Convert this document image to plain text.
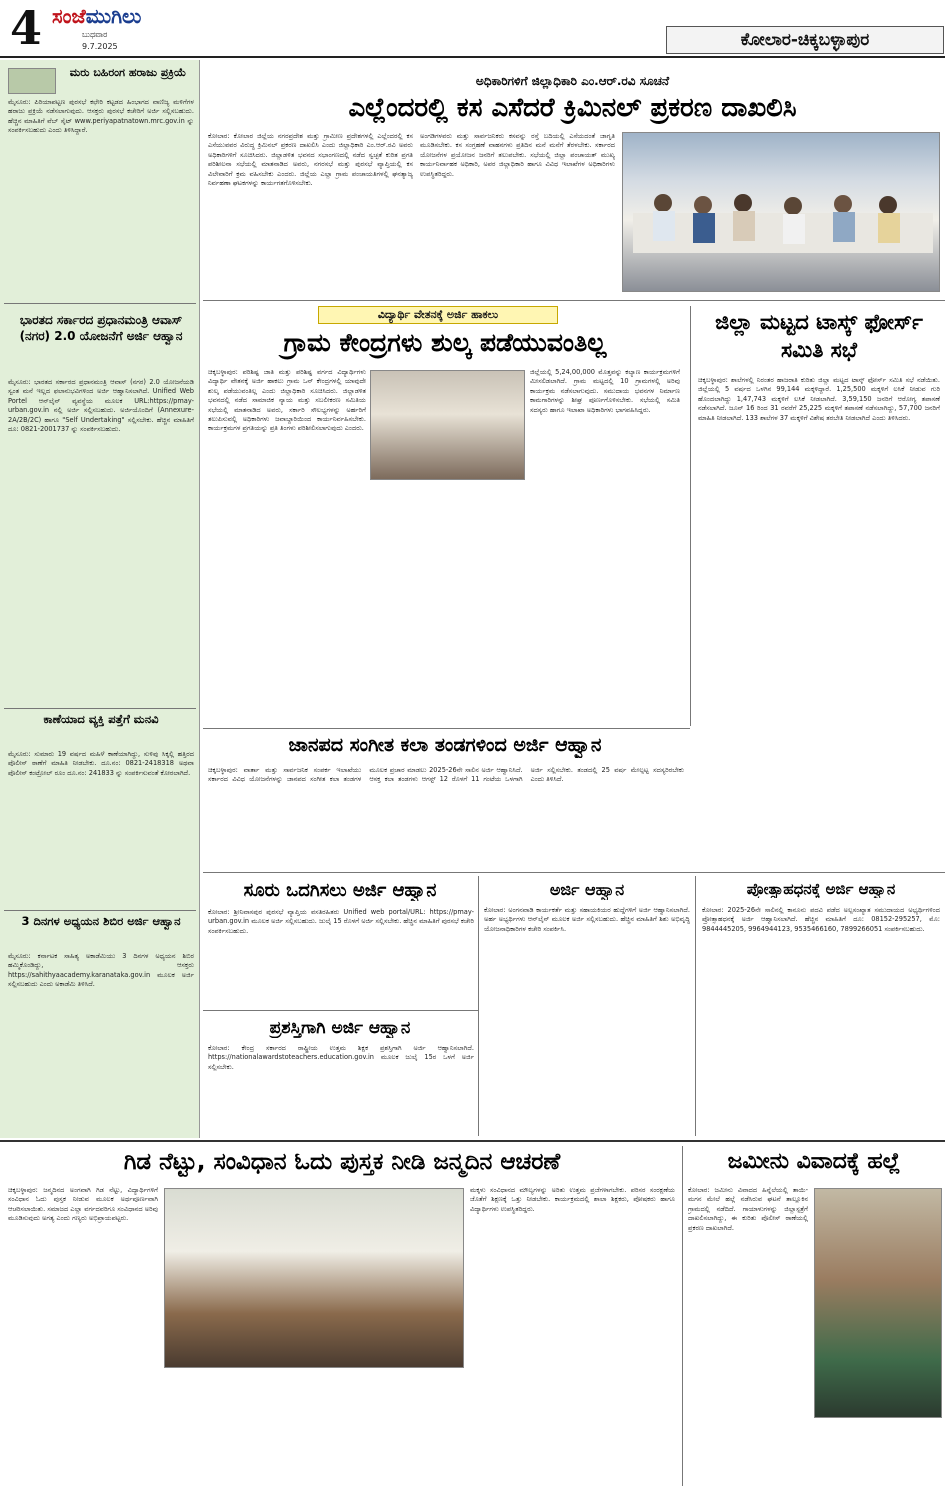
4 ಸಂಜೆಮುಗಿಲು
ಬುಧವಾರ
9.7.2025	ಕೋಲಾರ-ಚಿಕ್ಕಬಳ್ಳಾಪುರ
ಮರು ಬಹಿರಂಗ ಹರಾಜು ಪ್ರಕ್ರಿಯೆ
ಮೈಸೂರು: ಪಿರಿಯಾಪಟ್ಟಣ ಪುರಸಭೆ ಕಛೇರಿ ಕಟ್ಟಡದ ಹಿಂಭಾಗದ ವಾಣಿಜ್ಯ ಮಳಿಗೆಗಳ ಹರಾಜು ಪ್ರಕ್ರಿಯೆ ನಡೆಸಲಾಗುವುದು. ಆಸಕ್ತರು ಪುರಸಭೆ ಕಚೇರಿಗೆ ಅರ್ಜಿ ಸಲ್ಲಿಸಬಹುದು. ಹೆಚ್ಚಿನ ಮಾಹಿತಿಗೆ ವೆಬ್ ಸೈಟ್ www.periyapatnatown.mrc.gov.in ನ್ನು ಸಂಪರ್ಕಿಸಬಹುದು ಎಂದು ತಿಳಿಸಿದ್ದಾರೆ.
ಭಾರತದ ಸರ್ಕಾರದ ಪ್ರಧಾನಮಂತ್ರಿ ಆವಾಸ್ (ನಗರ) 2.0 ಯೋಜನೆಗೆ ಅರ್ಜಿ ಆಹ್ವಾನ
ಮೈಸೂರು: ಭಾರತದ ಸರ್ಕಾರದ ಪ್ರಧಾನಮಂತ್ರಿ ಆವಾಸ್ (ನಗರ) 2.0 ಯೋಜನೆಯಡಿ ಸ್ವಂತ ಮನೆ ಇಲ್ಲದ ಫಲಾನುಭವಿಗಳಿಂದ ಅರ್ಜಿ ಆಹ್ವಾನಿಸಲಾಗಿದೆ. Unified Web Portel ಆನ್‌ಲೈನ್ ವ್ಯವಸ್ಥೆಯ ಮೂಲಕ URL:https://pmay-urban.gov.in ನಲ್ಲಿ ಅರ್ಜಿ ಸಲ್ಲಿಸಬಹುದು. ಅರ್ಜಿಯೊಂದಿಗೆ (Annexure-2A/2B/2C) ಹಾಗೂ "Self Undertaking" ಸಲ್ಲಿಸಬೇಕು. ಹೆಚ್ಚಿನ ಮಾಹಿತಿಗೆ ದೂ: 0821-2001737 ನ್ನು ಸಂಪರ್ಕಿಸಬಹುದು.
ಕಾಣೆಯಾದ ವ್ಯಕ್ತಿ ಪತ್ತೆಗೆ ಮನವಿ
ಮೈಸೂರು: ಸುಮಾರು 19 ವರ್ಷದ ಮಹಿಳೆ ಕಾಣೆಯಾಗಿದ್ದು, ಸುಳಿವು ಸಿಕ್ಕಲ್ಲಿ ಹತ್ತಿರದ ಪೊಲೀಸ್ ಠಾಣೆಗೆ ಮಾಹಿತಿ ನೀಡಬೇಕು. ದೂ.ನಂ: 0821-2418318 ಅಥವಾ ಪೊಲೀಸ್ ಕಂಟ್ರೋಲ್ ರೂಂ ದೂ.ನಂ: 241833 ನ್ನು ಸಂಪರ್ಕಿಸುವಂತೆ ಕೋರಲಾಗಿದೆ.
3 ದಿನಗಳ ಅಧ್ಯಯನ ಶಿಬಿರ ಅರ್ಜಿ ಆಹ್ವಾನ
ಮೈಸೂರು: ಕರ್ನಾಟಕ ಸಾಹಿತ್ಯ ಅಕಾಡೆಮಿಯು 3 ದಿನಗಳ ಅಧ್ಯಯನ ಶಿಬಿರ ಹಮ್ಮಿಕೊಂಡಿದ್ದು, ಆಸಕ್ತರು https://sahithyaacademy.karanataka.gov.in ಮೂಲಕ ಅರ್ಜಿ ಸಲ್ಲಿಸಬಹುದು ಎಂದು ಅಕಾಡೆಮಿ ತಿಳಿಸಿದೆ.
ಅಧಿಕಾರಿಗಳಿಗೆ ಜಿಲ್ಲಾಧಿಕಾರಿ ಎಂ.ಆರ್.ರವಿ ಸೂಚನೆ
ಎಲ್ಲೆಂದರಲ್ಲಿ ಕಸ ಎಸೆದರೆ ಕ್ರಿಮಿನಲ್ ಪ್ರಕರಣ ದಾಖಲಿಸಿ
ಕೋಲಾರ: ಕೋಲಾರ ಜಿಲ್ಲೆಯ ನಗರಪ್ರದೇಶ ಮತ್ತು ಗ್ರಾಮೀಣ ಪ್ರದೇಶಗಳಲ್ಲಿ ಎಲ್ಲೆಂದರಲ್ಲಿ ಕಸ ಎಸೆಯುವವರ ವಿರುದ್ಧ ಕ್ರಿಮಿನಲ್ ಪ್ರಕರಣ ದಾಖಲಿಸಿ ಎಂದು ಜಿಲ್ಲಾಧಿಕಾರಿ ಎಂ.ಆರ್.ರವಿ ಅವರು ಅಧಿಕಾರಿಗಳಿಗೆ ಸೂಚಿಸಿದರು. ಜಿಲ್ಲಾಡಳಿತ ಭವನದ ಸಭಾಂಗಣದಲ್ಲಿ ನಡೆದ ಸ್ವಚ್ಛತೆ ಕುರಿತ ಪ್ರಗತಿ ಪರಿಶೀಲನಾ ಸಭೆಯಲ್ಲಿ ಮಾತನಾಡಿದ ಅವರು, ನಗರಸಭೆ ಮತ್ತು ಪುರಸಭೆ ವ್ಯಾಪ್ತಿಯಲ್ಲಿ ಕಸ ವಿಲೇವಾರಿಗೆ ಕ್ರಮ ವಹಿಸಬೇಕು ಎಂದರು. ಜಿಲ್ಲೆಯ ಎಲ್ಲಾ ಗ್ರಾಮ ಪಂಚಾಯತಿಗಳಲ್ಲಿ ಘನತ್ಯಾಜ್ಯ ನಿರ್ವಹಣಾ ಘಟಕಗಳನ್ನು ಕಾರ್ಯಗತಗೊಳಿಸಬೇಕು.
ಅಂಗಡಿಗಳವರು ಮತ್ತು ಸಾರ್ವಜನಿಕರು ಕಸವನ್ನು ರಸ್ತೆ ಬದಿಯಲ್ಲಿ ಎಸೆಯದಂತೆ ಜಾಗೃತಿ ಮೂಡಿಸಬೇಕು. ಕಸ ಸಂಗ್ರಹಣೆ ವಾಹನಗಳು ಪ್ರತಿದಿನ ಮನೆ ಮನೆಗೆ ತೆರಳಬೇಕು. ಸರ್ಕಾರದ ಯೋಜನೆಗಳ ಪ್ರಯೋಜನ ಜನರಿಗೆ ತಲುಪಬೇಕು. ಸಭೆಯಲ್ಲಿ ಜಿಲ್ಲಾ ಪಂಚಾಯತ್ ಮುಖ್ಯ ಕಾರ್ಯನಿರ್ವಾಹಕ ಅಧಿಕಾರಿ, ಅಪರ ಜಿಲ್ಲಾಧಿಕಾರಿ ಹಾಗೂ ವಿವಿಧ ಇಲಾಖೆಗಳ ಅಧಿಕಾರಿಗಳು ಉಪಸ್ಥಿತರಿದ್ದರು.
ವಿದ್ಯಾರ್ಥಿ ವೇತನಕ್ಕೆ ಅರ್ಜಿ ಹಾಕಲು
ಗ್ರಾಮ ಕೇಂದ್ರಗಳು ಶುಲ್ಕ ಪಡೆಯುವಂತಿಲ್ಲ
ಚಿಕ್ಕಬಳ್ಳಾಪುರ: ಪರಿಶಿಷ್ಟ ಜಾತಿ ಮತ್ತು ಪರಿಶಿಷ್ಟ ವರ್ಗದ ವಿದ್ಯಾರ್ಥಿಗಳು ವಿದ್ಯಾರ್ಥಿ ವೇತನಕ್ಕೆ ಅರ್ಜಿ ಹಾಕಲು ಗ್ರಾಮ ಒನ್ ಕೇಂದ್ರಗಳಲ್ಲಿ ಯಾವುದೇ ಶುಲ್ಕ ಪಡೆಯುವಂತಿಲ್ಲ ಎಂದು ಜಿಲ್ಲಾಧಿಕಾರಿ ಸೂಚಿಸಿದರು. ಜಿಲ್ಲಾಡಳಿತ ಭವನದಲ್ಲಿ ನಡೆದ ಸಾಮಾಜಿಕ ನ್ಯಾಯ ಮತ್ತು ಸಬಲೀಕರಣ ಸಮಿತಿಯ ಸಭೆಯಲ್ಲಿ ಮಾತನಾಡಿದ ಅವರು, ಸರ್ಕಾರಿ ಸೌಲಭ್ಯಗಳನ್ನು ಅರ್ಹರಿಗೆ ತಲುಪಿಸುವಲ್ಲಿ ಅಧಿಕಾರಿಗಳು ಜವಾಬ್ದಾರಿಯಿಂದ ಕಾರ್ಯನಿರ್ವಹಿಸಬೇಕು. ಕಾರ್ಯಕ್ರಮಗಳ ಪ್ರಗತಿಯನ್ನು ಪ್ರತಿ ತಿಂಗಳು ಪರಿಶೀಲಿಸಲಾಗುವುದು ಎಂದರು.
ಜಿಲ್ಲೆಯಲ್ಲಿ 5,24,00,000 ಮೊತ್ತವನ್ನು ಕಲ್ಯಾಣ ಕಾರ್ಯಕ್ರಮಗಳಿಗೆ ಮೀಸಲಿಡಲಾಗಿದೆ. ಗ್ರಾಮ ಮಟ್ಟದಲ್ಲಿ 10 ಗ್ರಾಮಗಳಲ್ಲಿ ಅರಿವು ಕಾರ್ಯಕ್ರಮ ನಡೆಸಲಾಗುವುದು. ಸಮುದಾಯ ಭವನಗಳ ನಿರ್ಮಾಣ ಕಾಮಗಾರಿಗಳನ್ನು ಶೀಘ್ರ ಪೂರ್ಣಗೊಳಿಸಬೇಕು. ಸಭೆಯಲ್ಲಿ ಸಮಿತಿ ಸದಸ್ಯರು ಹಾಗೂ ಇಲಾಖಾ ಅಧಿಕಾರಿಗಳು ಭಾಗವಹಿಸಿದ್ದರು.
ಜಿಲ್ಲಾ ಮಟ್ಟದ ಟಾಸ್ಕ್ ಫೋರ್ಸ್ ಸಮಿತಿ ಸಭೆ
ಚಿಕ್ಕಬಳ್ಳಾಪುರ: ಶಾಲೆಗಳಲ್ಲಿ ನಿರಂತರ ಹಾಜರಾತಿ ಕುರಿತು ಜಿಲ್ಲಾ ಮಟ್ಟದ ಟಾಸ್ಕ್ ಫೋರ್ಸ್ ಸಮಿತಿ ಸಭೆ ನಡೆಯಿತು. ಜಿಲ್ಲೆಯಲ್ಲಿ 5 ವರ್ಷದ ಒಳಗಿನ 99,144 ಮಕ್ಕಳಿದ್ದಾರೆ. 1,25,500 ಮಕ್ಕಳಿಗೆ ಲಸಿಕೆ ನೀಡುವ ಗುರಿ ಹೊಂದಲಾಗಿದ್ದು 1,47,743 ಮಕ್ಕಳಿಗೆ ಲಸಿಕೆ ನೀಡಲಾಗಿದೆ. 3,59,150 ಜನರಿಗೆ ಆರೋಗ್ಯ ತಪಾಸಣೆ ನಡೆಸಲಾಗಿದೆ. ಜೂನ್ 16 ರಿಂದ 31 ರವರೆಗೆ 25,225 ಮಕ್ಕಳಿಗೆ ತಪಾಸಣೆ ನಡೆಸಲಾಗಿದ್ದು, 57,700 ಜನರಿಗೆ ಮಾಹಿತಿ ನೀಡಲಾಗಿದೆ. 133 ಶಾಲೆಗಳ 37 ಮಕ್ಕಳಿಗೆ ವಿಶೇಷ ತರಬೇತಿ ನೀಡಲಾಗಿದೆ ಎಂದು ತಿಳಿಸಿದರು.
ಜಾನಪದ ಸಂಗೀತ ಕಲಾ ತಂಡಗಳಿಂದ ಅರ್ಜಿ ಆಹ್ವಾನ
ಚಿಕ್ಕಬಳ್ಳಾಪುರ: ವಾರ್ತಾ ಮತ್ತು ಸಾರ್ವಜನಿಕ ಸಂಪರ್ಕ ಇಲಾಖೆಯು ಸರ್ಕಾರದ ವಿವಿಧ ಯೋಜನೆಗಳನ್ನು ಜಾನಪದ ಸಂಗೀತ ಕಲಾ ತಂಡಗಳ ಮೂಲಕ ಪ್ರಚಾರ ಮಾಡಲು 2025-26ನೇ ಸಾಲಿನ ಅರ್ಜಿ ಆಹ್ವಾನಿಸಿದೆ. ಆಸಕ್ತ ಕಲಾ ತಂಡಗಳು ಆಗಸ್ಟ್ 12 ರೊಳಗೆ 11 ಗಂಟೆಯ ಒಳಗಾಗಿ ಅರ್ಜಿ ಸಲ್ಲಿಸಬೇಕು. ತಂಡದಲ್ಲಿ 25 ವರ್ಷ ಮೇಲ್ಪಟ್ಟ ಸದಸ್ಯರಿರಬೇಕು ಎಂದು ತಿಳಿಸಿದೆ.
ಸೂರು ಒದಗಿಸಲು ಅರ್ಜಿ ಆಹ್ವಾನ
ಕೋಲಾರ: ಶ್ರೀನಿವಾಸಪುರ ಪುರಸಭೆ ವ್ಯಾಪ್ತಿಯ ವಸತಿರಹಿತರು Unified web portal/URL: https://pmay-urban.gov.in ಮೂಲಕ ಅರ್ಜಿ ಸಲ್ಲಿಸಬಹುದು. ಜುಲೈ 15 ರೊಳಗೆ ಅರ್ಜಿ ಸಲ್ಲಿಸಬೇಕು. ಹೆಚ್ಚಿನ ಮಾಹಿತಿಗೆ ಪುರಸಭೆ ಕಚೇರಿ ಸಂಪರ್ಕಿಸಬಹುದು.
ಪ್ರಶಸ್ತಿಗಾಗಿ ಅರ್ಜಿ ಆಹ್ವಾನ
ಕೋಲಾರ: ಕೇಂದ್ರ ಸರ್ಕಾರದ ರಾಷ್ಟ್ರೀಯ ಉತ್ತಮ ಶಿಕ್ಷಕ ಪ್ರಶಸ್ತಿಗಾಗಿ ಅರ್ಜಿ ಆಹ್ವಾನಿಸಲಾಗಿದೆ. https://nationalawardstoteachers.education.gov.in ಮೂಲಕ ಜುಲೈ 15ರ ಒಳಗೆ ಅರ್ಜಿ ಸಲ್ಲಿಸಬೇಕು.
ಅರ್ಜಿ ಆಹ್ವಾನ
ಕೋಲಾರ: ಅಂಗನವಾಡಿ ಕಾರ್ಯಕರ್ತೆ ಮತ್ತು ಸಹಾಯಕಿಯರ ಹುದ್ದೆಗಳಿಗೆ ಅರ್ಜಿ ಆಹ್ವಾನಿಸಲಾಗಿದೆ. ಅರ್ಹ ಅಭ್ಯರ್ಥಿಗಳು ಆನ್‌ಲೈನ್ ಮೂಲಕ ಅರ್ಜಿ ಸಲ್ಲಿಸಬಹುದು. ಹೆಚ್ಚಿನ ಮಾಹಿತಿಗೆ ಶಿಶು ಅಭಿವೃದ್ಧಿ ಯೋಜನಾಧಿಕಾರಿಗಳ ಕಚೇರಿ ಸಂಪರ್ಕಿಸಿ.
ಪ್ರೋತ್ಸಾಹಧನಕ್ಕೆ ಅರ್ಜಿ ಆಹ್ವಾನ
ಕೋಲಾರ: 2025-26ನೇ ಸಾಲಿನಲ್ಲಿ ಕಾನೂನು ಪದವಿ ಪಡೆದ ಅಲ್ಪಸಂಖ್ಯಾತ ಸಮುದಾಯದ ಅಭ್ಯರ್ಥಿಗಳಿಂದ ಪ್ರೋತ್ಸಾಹಧನಕ್ಕೆ ಅರ್ಜಿ ಆಹ್ವಾನಿಸಲಾಗಿದೆ. ಹೆಚ್ಚಿನ ಮಾಹಿತಿಗೆ ದೂ: 08152-295257, ಮೊ: 9844445205, 9964944123, 9535466160, 7899266051 ಸಂಪರ್ಕಿಸಬಹುದು.
ಗಿಡ ನೆಟ್ಟು, ಸಂವಿಧಾನ ಓದು ಪುಸ್ತಕ ನೀಡಿ ಜನ್ಮದಿನ ಆಚರಣೆ
ಚಿಕ್ಕಬಳ್ಳಾಪುರ: ಜನ್ಮದಿನದ ಅಂಗವಾಗಿ ಗಿಡ ನೆಟ್ಟು, ವಿದ್ಯಾರ್ಥಿಗಳಿಗೆ ಸಂವಿಧಾನ ಓದು ಪುಸ್ತಕ ನೀಡುವ ಮೂಲಕ ಅರ್ಥಪೂರ್ಣವಾಗಿ ಆಚರಿಸಲಾಯಿತು. ಸಮಾಜದ ಎಲ್ಲಾ ವರ್ಗದವರಿಗೂ ಸಂವಿಧಾನದ ಅರಿವು ಮೂಡಿಸುವುದು ಅಗತ್ಯ ಎಂದು ಗಣ್ಯರು ಅಭಿಪ್ರಾಯಪಟ್ಟರು.
ಮಕ್ಕಳು ಸಂವಿಧಾನದ ಮೌಲ್ಯಗಳನ್ನು ಅರಿತು ಉತ್ತಮ ಪ್ರಜೆಗಳಾಗಬೇಕು. ಪರಿಸರ ಸಂರಕ್ಷಣೆಯ ಜೊತೆಗೆ ಶಿಕ್ಷಣಕ್ಕೆ ಒತ್ತು ನೀಡಬೇಕು. ಕಾರ್ಯಕ್ರಮದಲ್ಲಿ ಶಾಲಾ ಶಿಕ್ಷಕರು, ಪೋಷಕರು ಹಾಗೂ ವಿದ್ಯಾರ್ಥಿಗಳು ಉಪಸ್ಥಿತರಿದ್ದರು.
ಜಮೀನು ವಿವಾದಕ್ಕೆ ಹಲ್ಲೆ
ಕೋಲಾರ: ಜಮೀನು ವಿವಾದದ ಹಿನ್ನೆಲೆಯಲ್ಲಿ ತಾಯಿ-ಮಗನ ಮೇಲೆ ಹಲ್ಲೆ ನಡೆಸಿರುವ ಘಟನೆ ತಾಲ್ಲೂಕಿನ ಗ್ರಾಮದಲ್ಲಿ ನಡೆದಿದೆ. ಗಾಯಾಳುಗಳನ್ನು ಜಿಲ್ಲಾಸ್ಪತ್ರೆಗೆ ದಾಖಲಿಸಲಾಗಿದ್ದು, ಈ ಕುರಿತು ಪೊಲೀಸ್ ಠಾಣೆಯಲ್ಲಿ ಪ್ರಕರಣ ದಾಖಲಾಗಿದೆ.
